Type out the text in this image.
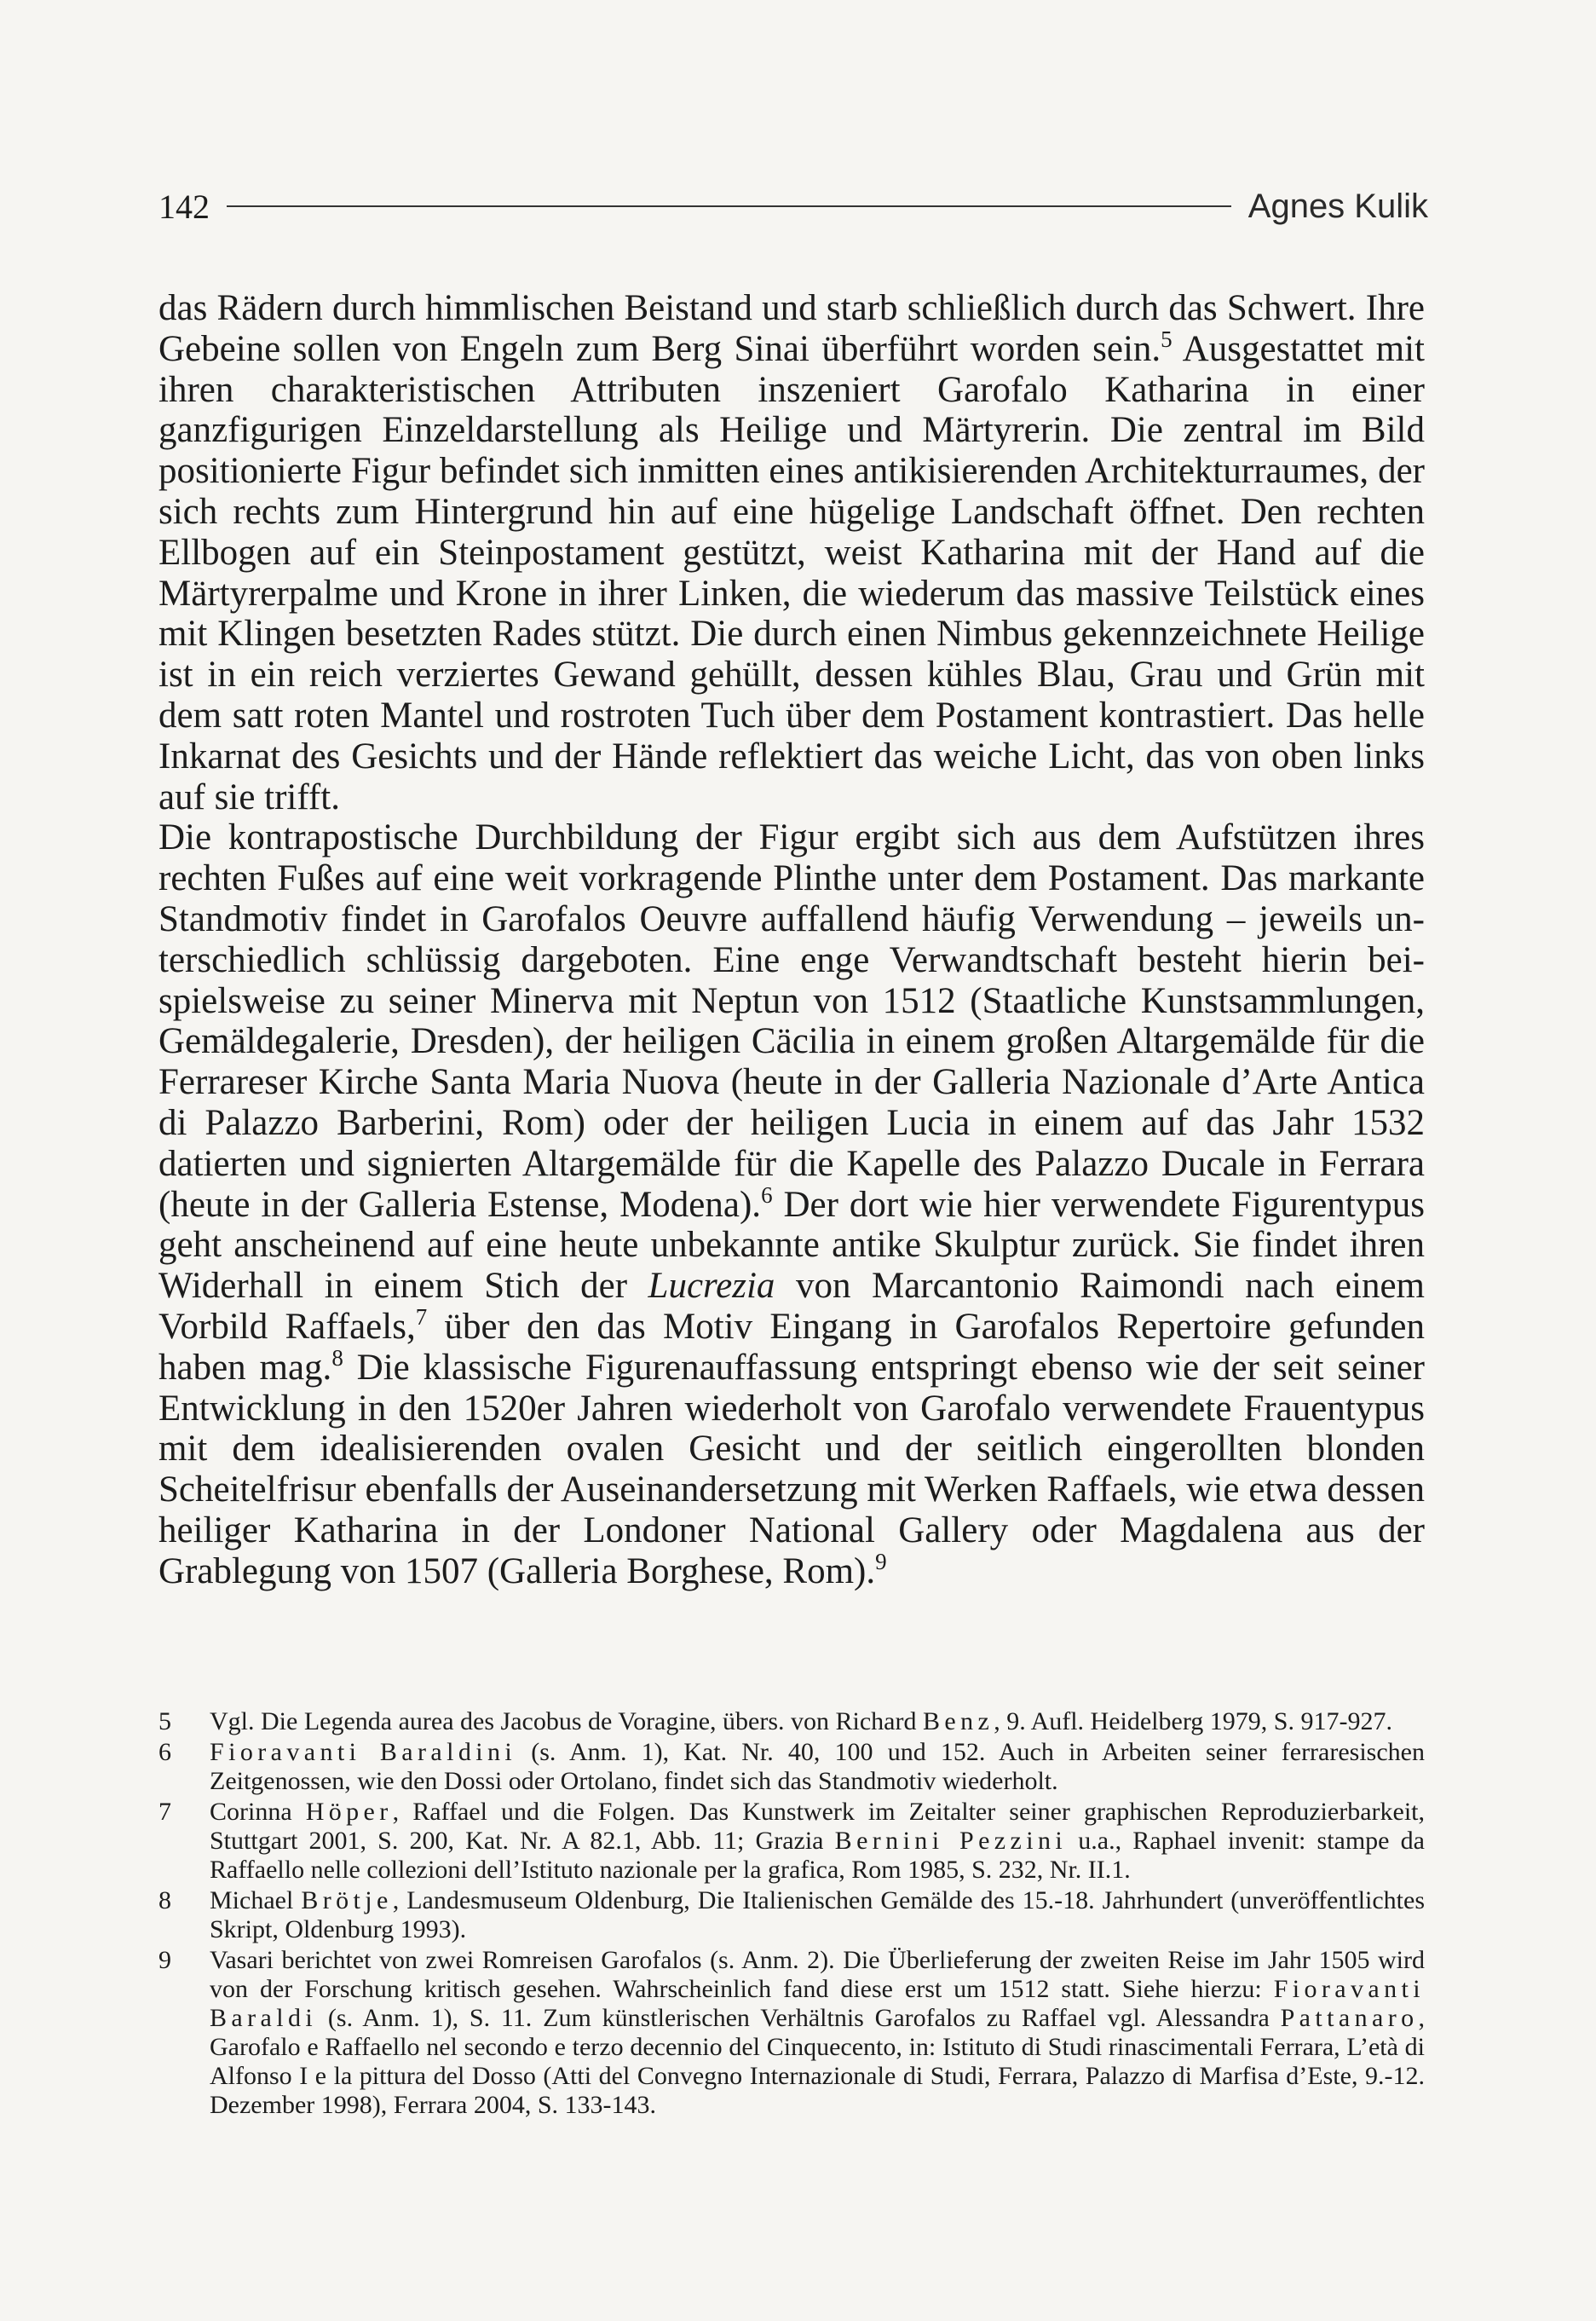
142	Agnes Kulik

das Rädern durch himmlischen Beistand und starb schließlich durch das Schwert. Ihre Gebeine sollen von Engeln zum Berg Sinai überführt worden sein.$^5$ Ausgestattet mit ihren charakteristischen Attributen inszeniert Garofalo Katharina in einer ganzfigurigen Einzeldarstellung als Heilige und Märtyrerin. Die zentral im Bild positionierte Figur befindet sich inmitten eines antikisierenden Architekturraumes, der sich rechts zum Hintergrund hin auf eine hügelige Landschaft öffnet. Den rechten Ellbogen auf ein Steinpostament gestützt, weist Katharina mit der Hand auf die Märtyrerpalme und Krone in ihrer Linken, die wiederum das massive Teilstück eines mit Klingen besetzten Rades stützt. Die durch einen Nimbus gekennzeichnete Heilige ist in ein reich verziertes Gewand gehüllt, dessen kühles Blau, Grau und Grün mit dem satt roten Mantel und rostroten Tuch über dem Postament kontrastiert. Das helle Inkarnat des Gesichts und der Hände reflektiert das weiche Licht, das von oben links auf sie trifft.

Die kontrapostische Durchbildung der Figur ergibt sich aus dem Aufstützen ihres rechten Fußes auf eine weit vorkragende Plinthe unter dem Postament. Das markante Standmotiv findet in Garofalos Oeuvre auffallend häufig Verwendung – jeweils unterschiedlich schlüssig dargeboten. Eine enge Verwandtschaft besteht hierin beispielsweise zu seiner Minerva mit Neptun von 1512 (Staatliche Kunstsammlungen, Gemäldegalerie, Dresden), der heiligen Cäcilia in einem großen Altargemälde für die Ferrareser Kirche Santa Maria Nuova (heute in der Galleria Nazionale d’Arte Antica di Palazzo Barberini, Rom) oder der heiligen Lucia in einem auf das Jahr 1532 datierten und signierten Altargemälde für die Kapelle des Palazzo Ducale in Ferrara (heute in der Galleria Estense, Modena).$^6$ Der dort wie hier verwendete Figurentypus geht anscheinend auf eine heute unbekannte antike Skulptur zurück. Sie findet ihren Widerhall in einem Stich der Lucrezia von Marcantonio Raimondi nach einem Vorbild Raffaels,$^7$ über den das Motiv Eingang in Garofalos Repertoire gefunden haben mag.$^8$ Die klassische Figurenauffassung entspringt ebenso wie der seit seiner Entwicklung in den 1520er Jahren wiederholt von Garofalo verwendete Frauentypus mit dem idealisierenden ovalen Gesicht und der seitlich eingerollten blonden Scheitelfrisur ebenfalls der Auseinandersetzung mit Werken Raffaels, wie etwa dessen heiliger Katharina in der Londoner National Gallery oder Magdalena aus der Grablegung von 1507 (Galleria Borghese, Rom).$^9$

5	Vgl. Die Legenda aurea des Jacobus de Voragine, übers. von Richard Benz, 9. Aufl. Heidelberg 1979, S. 917-927.
6	Fioravanti Baraldini (s. Anm. 1), Kat. Nr. 40, 100 und 152. Auch in Arbeiten seiner ferraresischen Zeitgenossen, wie den Dossi oder Ortolano, findet sich das Standmotiv wiederholt.
7	Corinna Höper, Raffael und die Folgen. Das Kunstwerk im Zeitalter seiner graphischen Reproduzierbarkeit, Stuttgart 2001, S. 200, Kat. Nr. A 82.1, Abb. 11; Grazia Bernini Pezzini u.a., Raphael invenit: stampe da Raffaello nelle collezioni dell’Istituto nazionale per la grafica, Rom 1985, S. 232, Nr. II.1.
8	Michael Brötje, Landesmuseum Oldenburg, Die Italienischen Gemälde des 15.-18. Jahrhundert (unveröffentlichtes Skript, Oldenburg 1993).
9	Vasari berichtet von zwei Romreisen Garofalos (s. Anm. 2). Die Überlieferung der zweiten Reise im Jahr 1505 wird von der Forschung kritisch gesehen. Wahrscheinlich fand diese erst um 1512 statt. Siehe hierzu: Fioravanti Baraldi (s. Anm. 1), S. 11. Zum künstlerischen Verhältnis Garofalos zu Raffael vgl. Alessandra Pattanaro, Garofalo e Raffaello nel secondo e terzo decennio del Cinquecento, in: Istituto di Studi rinascimentali Ferrara, L’età di Alfonso I e la pittura del Dosso (Atti del Convegno Internazionale di Studi, Ferrara, Palazzo di Marfisa d’Este, 9.-12. Dezember 1998), Ferrara 2004, S. 133-143.
